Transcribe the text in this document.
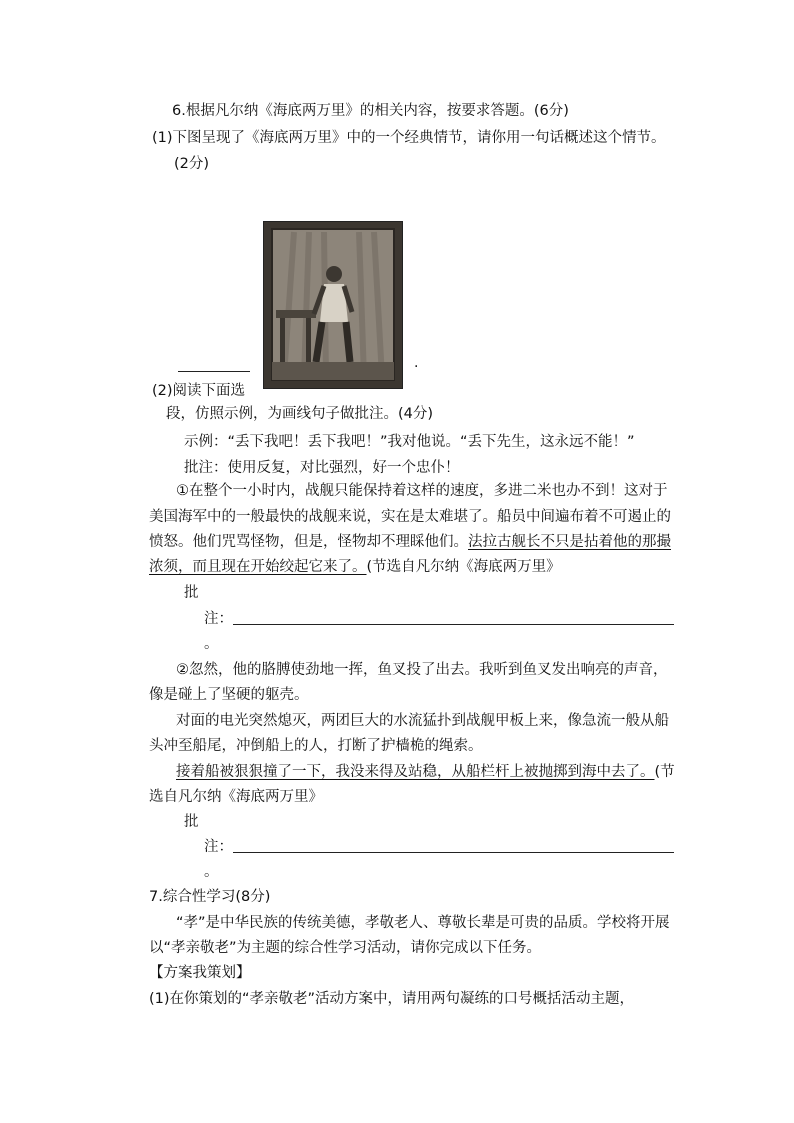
6.根据凡尔纳《海底两万里》的相关内容，按要求答题。(6分)
(1)下图呈现了《海底两万里》中的一个经典情节，请你用一句话概述这个情节。
(2分)
.
(2)阅读下面选
段，仿照示例，为画线句子做批注。(4分)
示例：“丢下我吧！丢下我吧！”我对他说。“丢下先生，这永远不能！”
批注：使用反复，对比强烈，好一个忠仆！
①在整个一小时内，战舰只能保持着这样的速度，多进二米也办不到！这对于
美国海军中的一般最快的战舰来说，实在是太难堪了。船员中间遍布着不可遏止的
愤怒。他们咒骂怪物，但是，怪物却不理睬他们。法拉古舰长不只是拈着他的那撮
浓须，而且现在开始绞起它来了。(节选自凡尔纳《海底两万里》
批
注：
。
②忽然，他的胳膊使劲地一挥，鱼叉投了出去。我听到鱼叉发出响亮的声音，
像是碰上了坚硬的躯壳。
对面的电光突然熄灭，两团巨大的水流猛扑到战舰甲板上来，像急流一般从船
头冲至船尾，冲倒船上的人，打断了护樯桅的绳索。
接着船被狠狠撞了一下，我没来得及站稳，从船栏杆上被抛掷到海中去了。(节
选自凡尔纳《海底两万里》
批
注：
。
7.综合性学习(8分)
“孝”是中华民族的传统美德，孝敬老人、尊敬长辈是可贵的品质。学校将开展
以“孝亲敬老”为主题的综合性学习活动，请你完成以下任务。
【方案我策划】
(1)在你策划的“孝亲敬老”活动方案中，请用两句凝练的口号概括活动主题，
